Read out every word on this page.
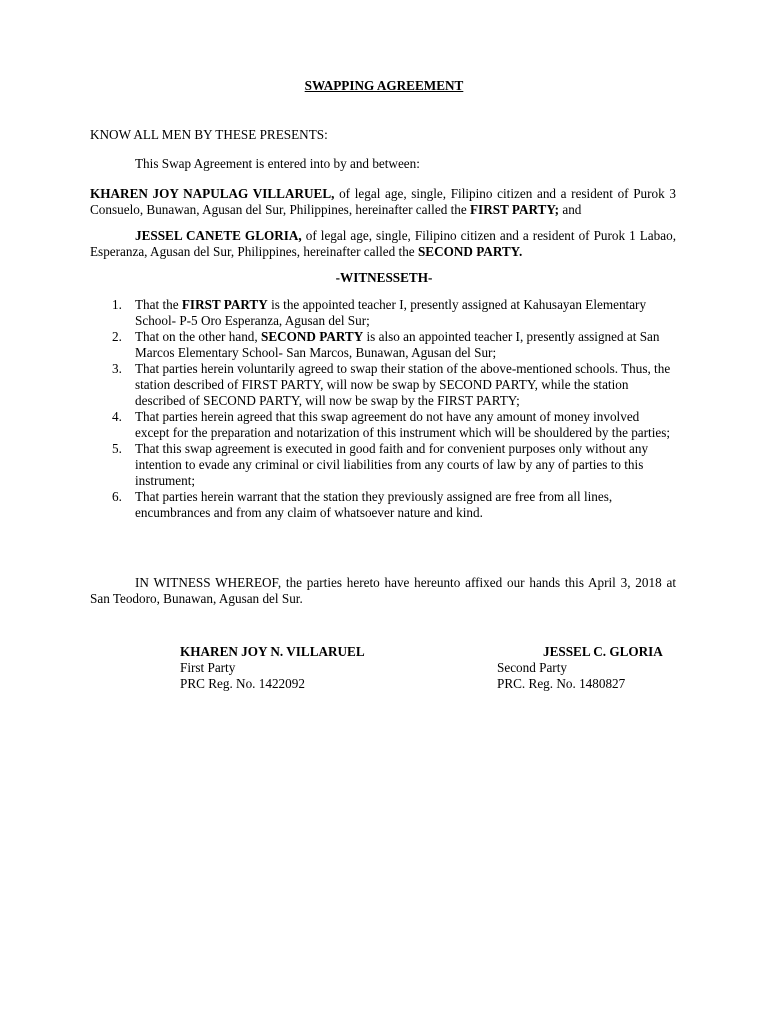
SWAPPING AGREEMENT
KNOW ALL MEN BY THESE PRESENTS:
This Swap Agreement is entered into by and between:
KHAREN JOY NAPULAG VILLARUEL, of legal age, single, Filipino citizen and a resident of Purok 3 Consuelo, Bunawan, Agusan del Sur, Philippines, hereinafter called the FIRST PARTY; and
JESSEL CANETE GLORIA, of legal age, single, Filipino citizen and a resident of Purok 1 Labao, Esperanza, Agusan del Sur, Philippines, hereinafter called the SECOND PARTY.
-WITNESSETH-
1. That the FIRST PARTY is the appointed teacher I, presently assigned at Kahusayan Elementary School- P-5 Oro Esperanza, Agusan del Sur;
2. That on the other hand, SECOND PARTY is also an appointed teacher I, presently assigned at San Marcos Elementary School- San Marcos, Bunawan, Agusan del Sur;
3. That parties herein voluntarily agreed to swap their station of the above-mentioned schools. Thus, the station described of FIRST PARTY, will now be swap by SECOND PARTY, while the station described of SECOND PARTY, will now be swap by the FIRST PARTY;
4. That parties herein agreed that this swap agreement do not have any amount of money involved except for the preparation and notarization of this instrument which will be shouldered by the parties;
5. That this swap agreement is executed in good faith and for convenient purposes only without any intention to evade any criminal or civil liabilities from any courts of law by any of parties to this instrument;
6. That parties herein warrant that the station they previously assigned are free from all lines, encumbrances and from any claim of whatsoever nature and kind.
IN WITNESS WHEREOF, the parties hereto have hereunto affixed our hands this April 3, 2018 at San Teodoro, Bunawan, Agusan del Sur.
KHAREN JOY N. VILLARUEL
First Party
PRC Reg. No. 1422092
JESSEL C. GLORIA
Second Party
PRC. Reg. No. 1480827
